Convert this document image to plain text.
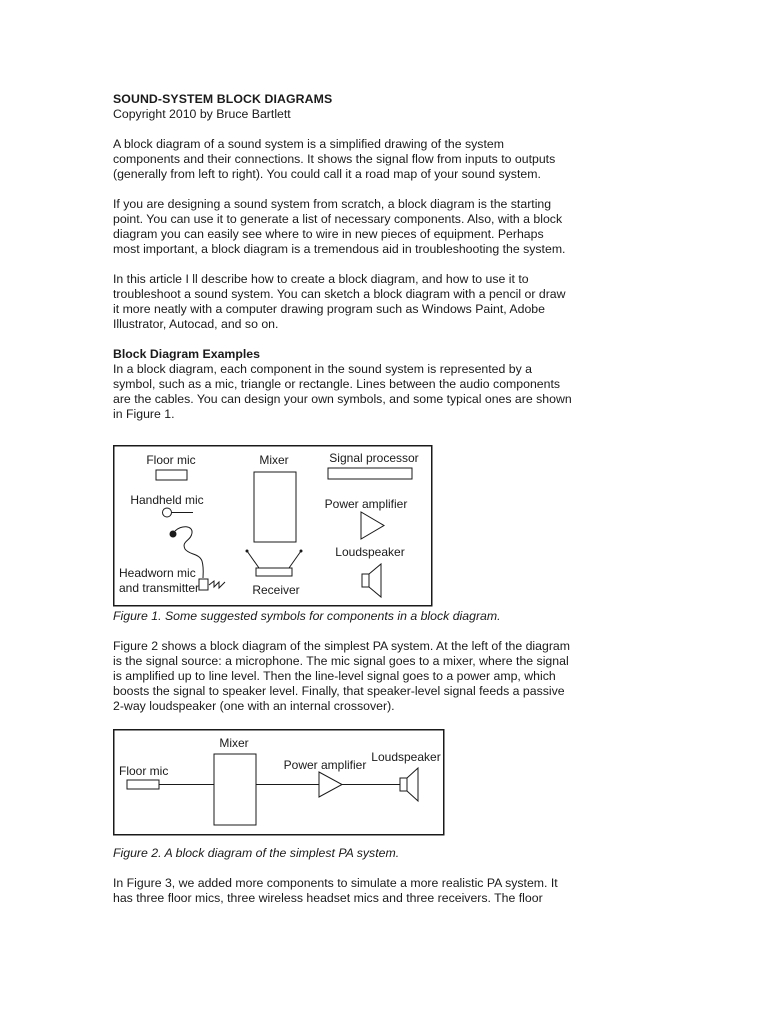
SOUND-SYSTEM BLOCK DIAGRAMS
Copyright 2010 by Bruce Bartlett

A block diagram of a sound system is a simplified drawing of the system components and their connections. It shows the signal flow from inputs to outputs (generally from left to right). You could call it a road map of your sound system.

If you are designing a sound system from scratch, a block diagram is the starting point. You can use it to generate a list of necessary components. Also, with a block diagram you can easily see where to wire in new pieces of equipment. Perhaps most important, a block diagram is a tremendous aid in troubleshooting the system.

In this article I ll describe how to create a block diagram, and how to use it to troubleshoot a sound system. You can sketch a block diagram with a pencil or draw it more neatly with a computer drawing program such as Windows Paint, Adobe Illustrator, Autocad, and so on.

Block Diagram Examples

In a block diagram, each component in the sound system is represented by a symbol, such as a mic, triangle or rectangle. Lines between the audio components are the cables. You can design your own symbols, and some typical ones are shown in Figure 1.

Floor mic	Mixer	Signal processor
Handheld mic	Power amplifier
Loudspeaker
Headworn mic
and transmitter	Receiver

Figure 1. Some suggested symbols for components in a block diagram.

Figure 2 shows a block diagram of the simplest PA system. At the left of the diagram is the signal source: a microphone. The mic signal goes to a mixer, where the signal is amplified up to line level. Then the line-level signal goes to a power amp, which boosts the signal to speaker level. Finally, that speaker-level signal feeds a passive 2-way loudspeaker (one with an internal crossover).

Mixer
Floor mic	Power amplifier
Loudspeaker

Figure 2. A block diagram of the simplest PA system.

In Figure 3, we added more components to simulate a more realistic PA system. It has three floor mics, three wireless headset mics and three receivers. The floor
